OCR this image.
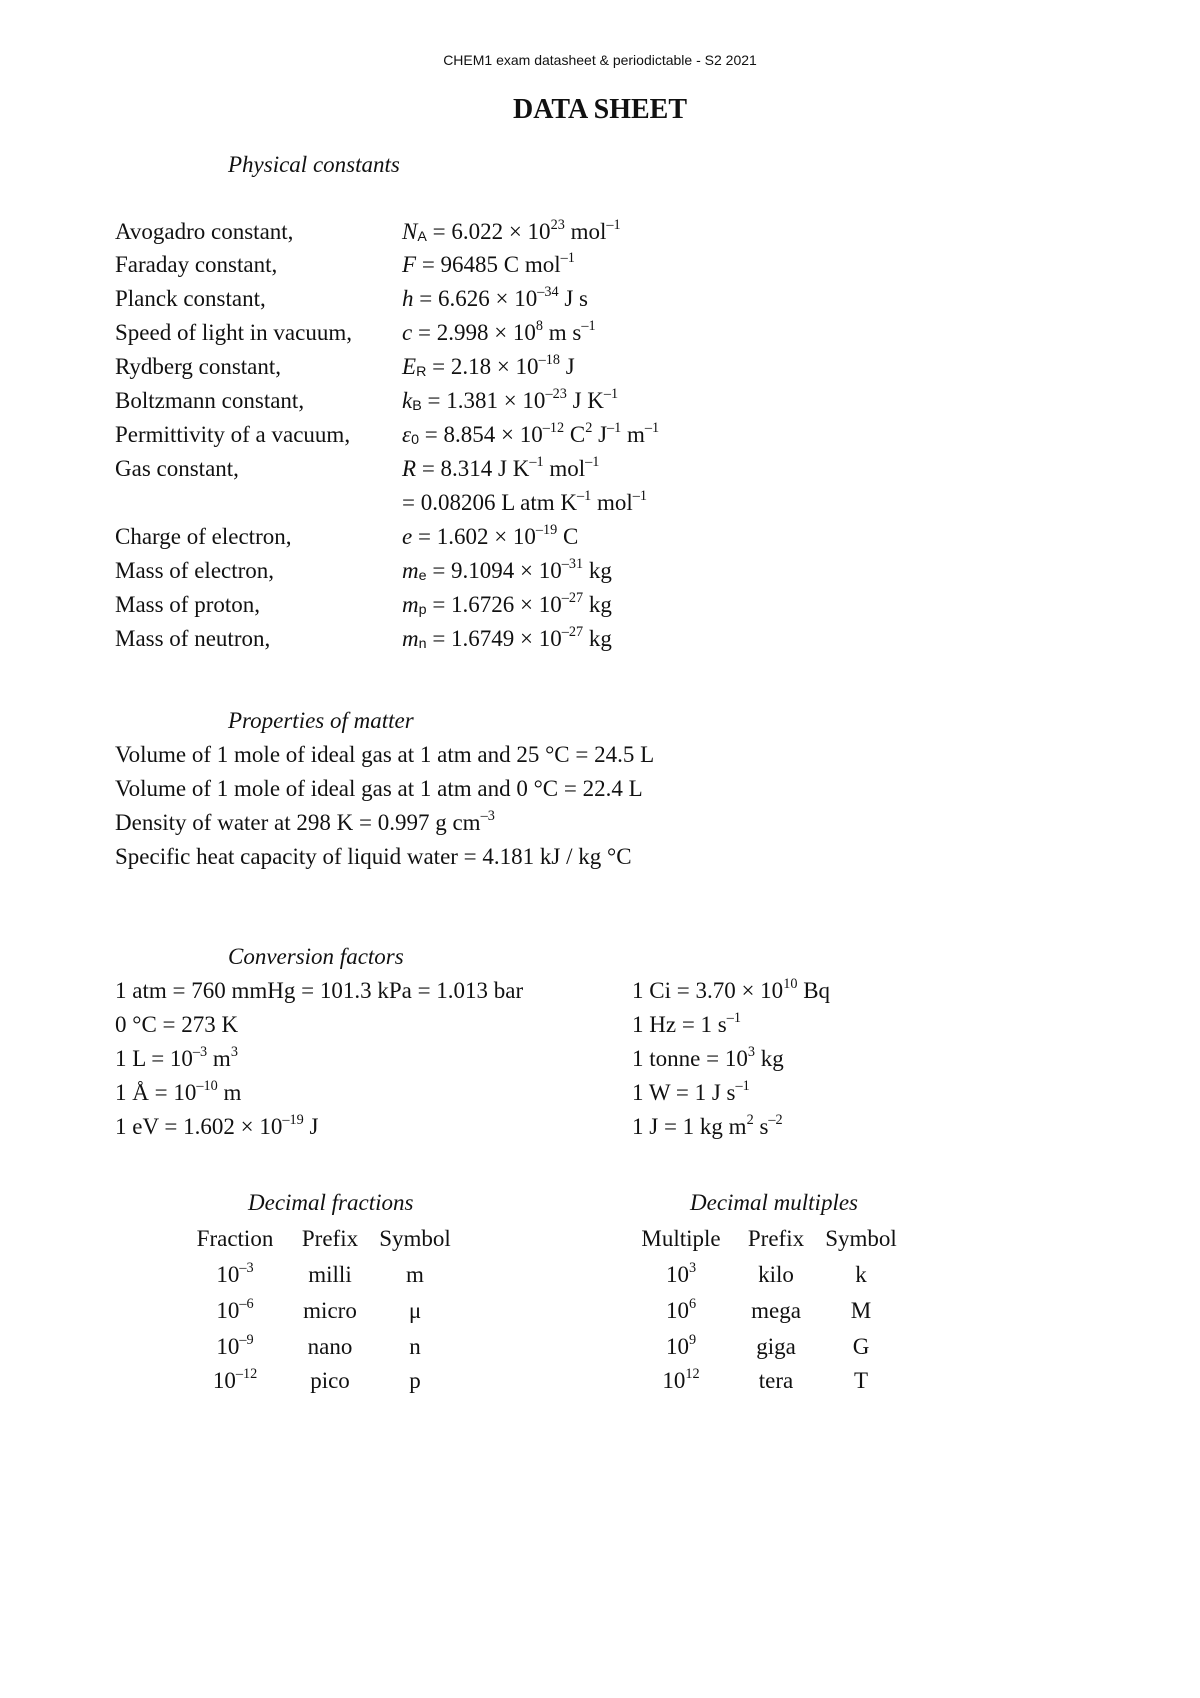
CHEM1 exam datasheet & periodictable - S2 2021
DATA SHEET
Physical constants
Avogadro constant,	$N_A = 6.022 \times 10^{23}$ mol$^{-1}$
Faraday constant,	F = 96485 C mol$^{-1}$
Planck constant,	$h = 6.626 \times 10^{-34}$ J s
Speed of light in vacuum, $c = 2.998 \times 10^8$ m $s^{-1}$
Rydberg constant,	$E_R = 2.18 \times 10^{-18}$ J
Boltzmann constant,	$k_B = 1.381 \times 10^{-23}$ J $K^{-1}$
Permittivity of a vacuum, $\varepsilon_0 = 8.854 \times 10^{-12}$ $C^2$ $J^{-1}$ $m^{-1}$
Gas constant,	R = 8.314 J $K^{-1}$ mol$^{-1}$
= 0.08206 L atm $K^{-1}$ mol$^{-1}$
Charge of electron,	$e = 1.602 \times 10^{-19}$ C
Mass of electron,	$m_e = 9.1094 \times 10^{-31}$ kg
Mass of proton,	$m_p = 1.6726 \times 10^{-27}$ kg
Mass of neutron,	$m_n = 1.6749 \times 10^{-27}$ kg
Properties of matter
Volume of 1 mole of ideal gas at 1 atm and 25 °C = 24.5 L
Volume of 1 mole of ideal gas at 1 atm and 0 °C = 22.4 L
Density of water at 298 K = 0.997 g $cm^{-3}$
Specific heat capacity of liquid water = 4.181 kJ / kg °C
Conversion factors
1 atm = 760 mmHg = 101.3 kPa = 1.013 bar
0 °C = 273 K
1 $L = 10^{-3}$ $m^3$
1 Å = $10^{-10}$ m
1 eV = $1.602 \times 10^{-19}$ J
1 $Ci = 3.70 \times 10^{10}$ Bq
1 Hz = 1 $s^{-1}$
1 tonne = $10^3$ kg
1 W = 1 J $s^{-1}$
1 J = 1 kg $m^2$ $s^{-2}$
Decimal fractions
Fraction	Prefix Symbol
$10^{-3}$	milli	m
$10^{-6}$	micro	μ
$10^{-9}$	nano	n
$10^{-12}$	pico	p
Decimal multiples
Multiple	Prefix Symbol
$10^3$	kilo	k
$10^6$	mega	M
$10^9$	giga	G
$10^{12}$	tera	T
